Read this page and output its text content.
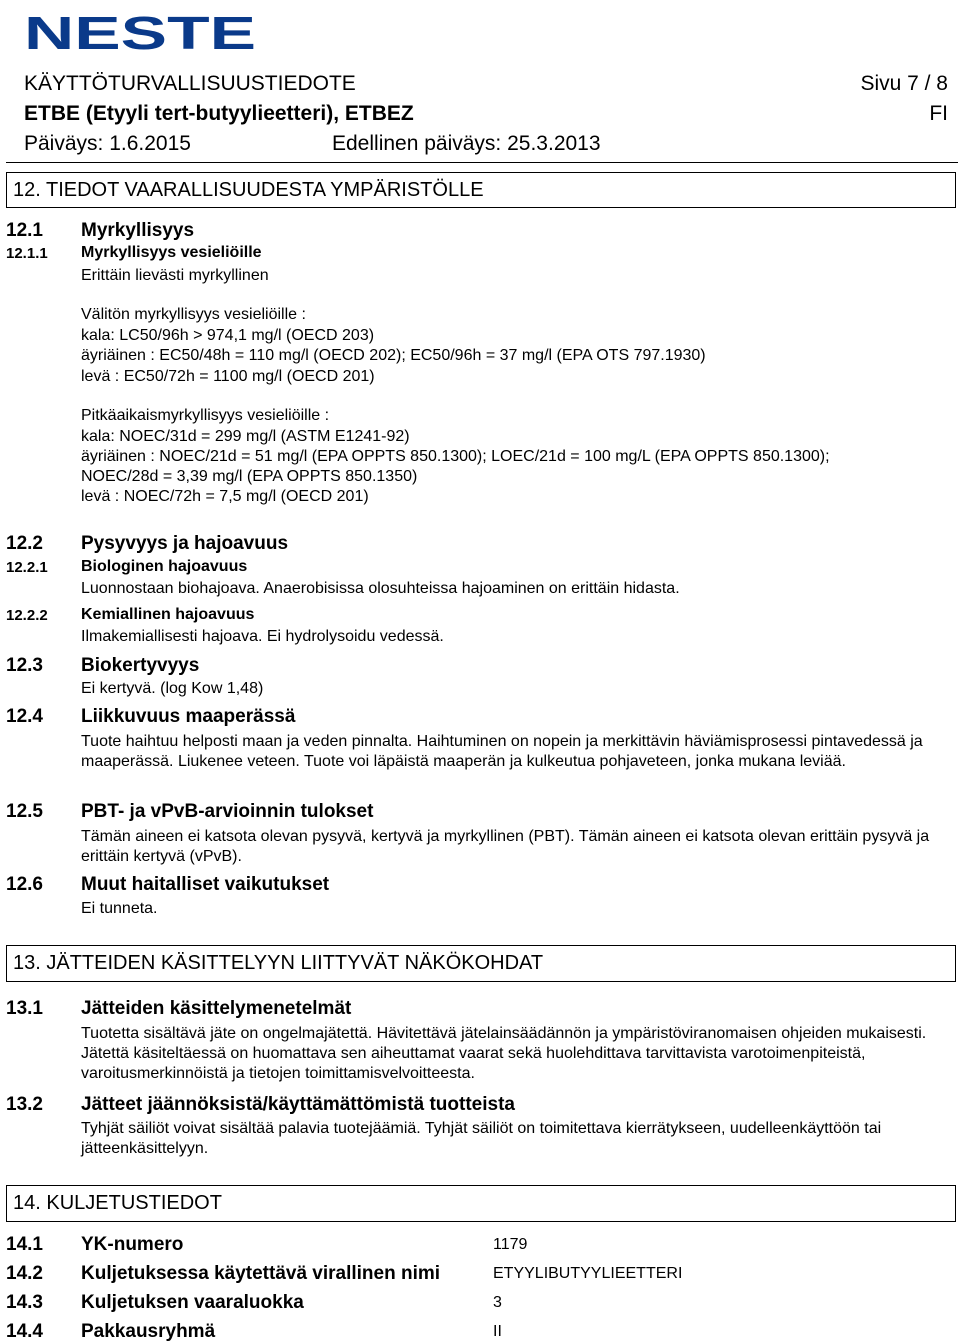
NESTE
KÄYTTÖTURVALLISUUSTIEDOTE	Sivu 7 / 8
ETBE (Etyyli tert-butyylieetteri), ETBEZ	FI
Päiväys: 1.6.2015	Edellinen päiväys: 25.3.2013
12. TIEDOT VAARALLISUUDESTA YMPÄRISTÖLLE
12.1 Myrkyllisyys
12.1.1 Myrkyllisyys vesieliöille
Erittäin lievästi myrkyllinen
Välitön myrkyllisyys vesieliöille :
kala: LC50/96h > 974,1 mg/l (OECD 203)
äyriäinen : EC50/48h = 110 mg/l (OECD 202); EC50/96h = 37 mg/l (EPA OTS 797.1930)
levä : EC50/72h = 1100 mg/l (OECD 201)
Pitkäaikaismyrkyllisyys vesieliöille :
kala: NOEC/31d = 299 mg/l (ASTM E1241-92)
äyriäinen : NOEC/21d = 51 mg/l (EPA OPPTS 850.1300); LOEC/21d = 100 mg/L (EPA OPPTS 850.1300);
NOEC/28d = 3,39 mg/l (EPA OPPTS 850.1350)
levä : NOEC/72h = 7,5 mg/l (OECD 201)
12.2 Pysyvyys ja hajoavuus
12.2.1 Biologinen hajoavuus
Luonnostaan biohajoava. Anaerobisissa olosuhteissa hajoaminen on erittäin hidasta.
12.2.2 Kemiallinen hajoavuus
Ilmakemiallisesti hajoava. Ei hydrolysoidu vedessä.
12.3 Biokertyvyys
Ei kertyvä. (log Kow 1,48)
12.4 Liikkuvuus maaperässä
Tuote haihtuu helposti maan ja veden pinnalta. Haihtuminen on nopein ja merkittävin häviämisprosessi pintavedessä ja maaperässä. Liukenee veteen. Tuote voi läpäistä maaperän ja kulkeutua pohjaveteen, jonka mukana leviää.
12.5 PBT- ja vPvB-arvioinnin tulokset
Tämän aineen ei katsota olevan pysyvä, kertyvä ja myrkyllinen (PBT). Tämän aineen ei katsota olevan erittäin pysyvä ja erittäin kertyvä (vPvB).
12.6 Muut haitalliset vaikutukset
Ei tunneta.
13. JÄTTEIDEN KÄSITTELYYN LIITTYVÄT NÄKÖKOHDAT
13.1 Jätteiden käsittelymenetelmät
Tuotetta sisältävä jäte on ongelmajätettä. Hävitettävä jätelainsäädännön ja ympäristöviranomaisen ohjeiden mukaisesti. Jätettä käsiteltäessä on huomattava sen aiheuttamat vaarat sekä huolehdittava tarvittavista varotoimenpiteistä, varoitusmerkinnöistä ja tietojen toimittamisvelvoitteesta.
13.2 Jätteet jäännöksistä/käyttämättömistä tuotteista
Tyhjät säiliöt voivat sisältää palavia tuotejäämiä. Tyhjät säiliöt on toimitettava kierrätykseen, uudelleenkäyttöön tai jätteenkäsittelyyn.
14. KULJETUSTIEDOT
14.1 YK-numero	1179
14.2 Kuljetuksessa käytettävä virallinen nimi	ETYYLIBUTYYLIEETTERI
14.3 Kuljetuksen vaaraluokka	3
14.4 Pakkausryhmä	II
